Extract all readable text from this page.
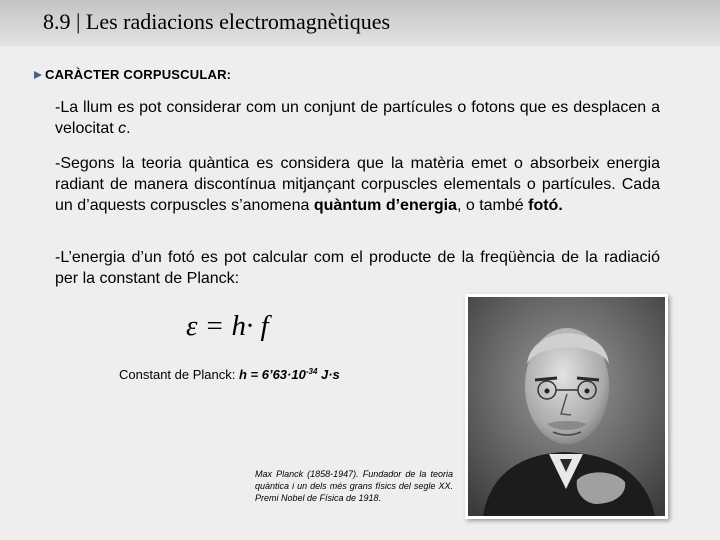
8.9 | Les radiacions electromagnètiques
CARÀCTER CORPUSCULAR:
-La llum es pot considerar com un conjunt de partícules o fotons que es desplacen a velocitat c.
-Segons la teoria quàntica es considera que la matèria emet o absorbeix energia radiant de manera discontínua mitjançant corpuscles elementals o partícules. Cada un d’aquests corpuscles s’anomena quàntum d’energia, o també fotó.
-L’energia d’un fotó es pot calcular com el producte de la freqüència de la radiació per la constant de Planck:
ε = h· f
Constant de Planck: $h = 6’63\cdot 10^{-34}$ J·s
Max Planck (1858-1947). Fundador de la teoria quàntica i un dels més grans físics del segle XX. Premi Nobel de Física de 1918.
